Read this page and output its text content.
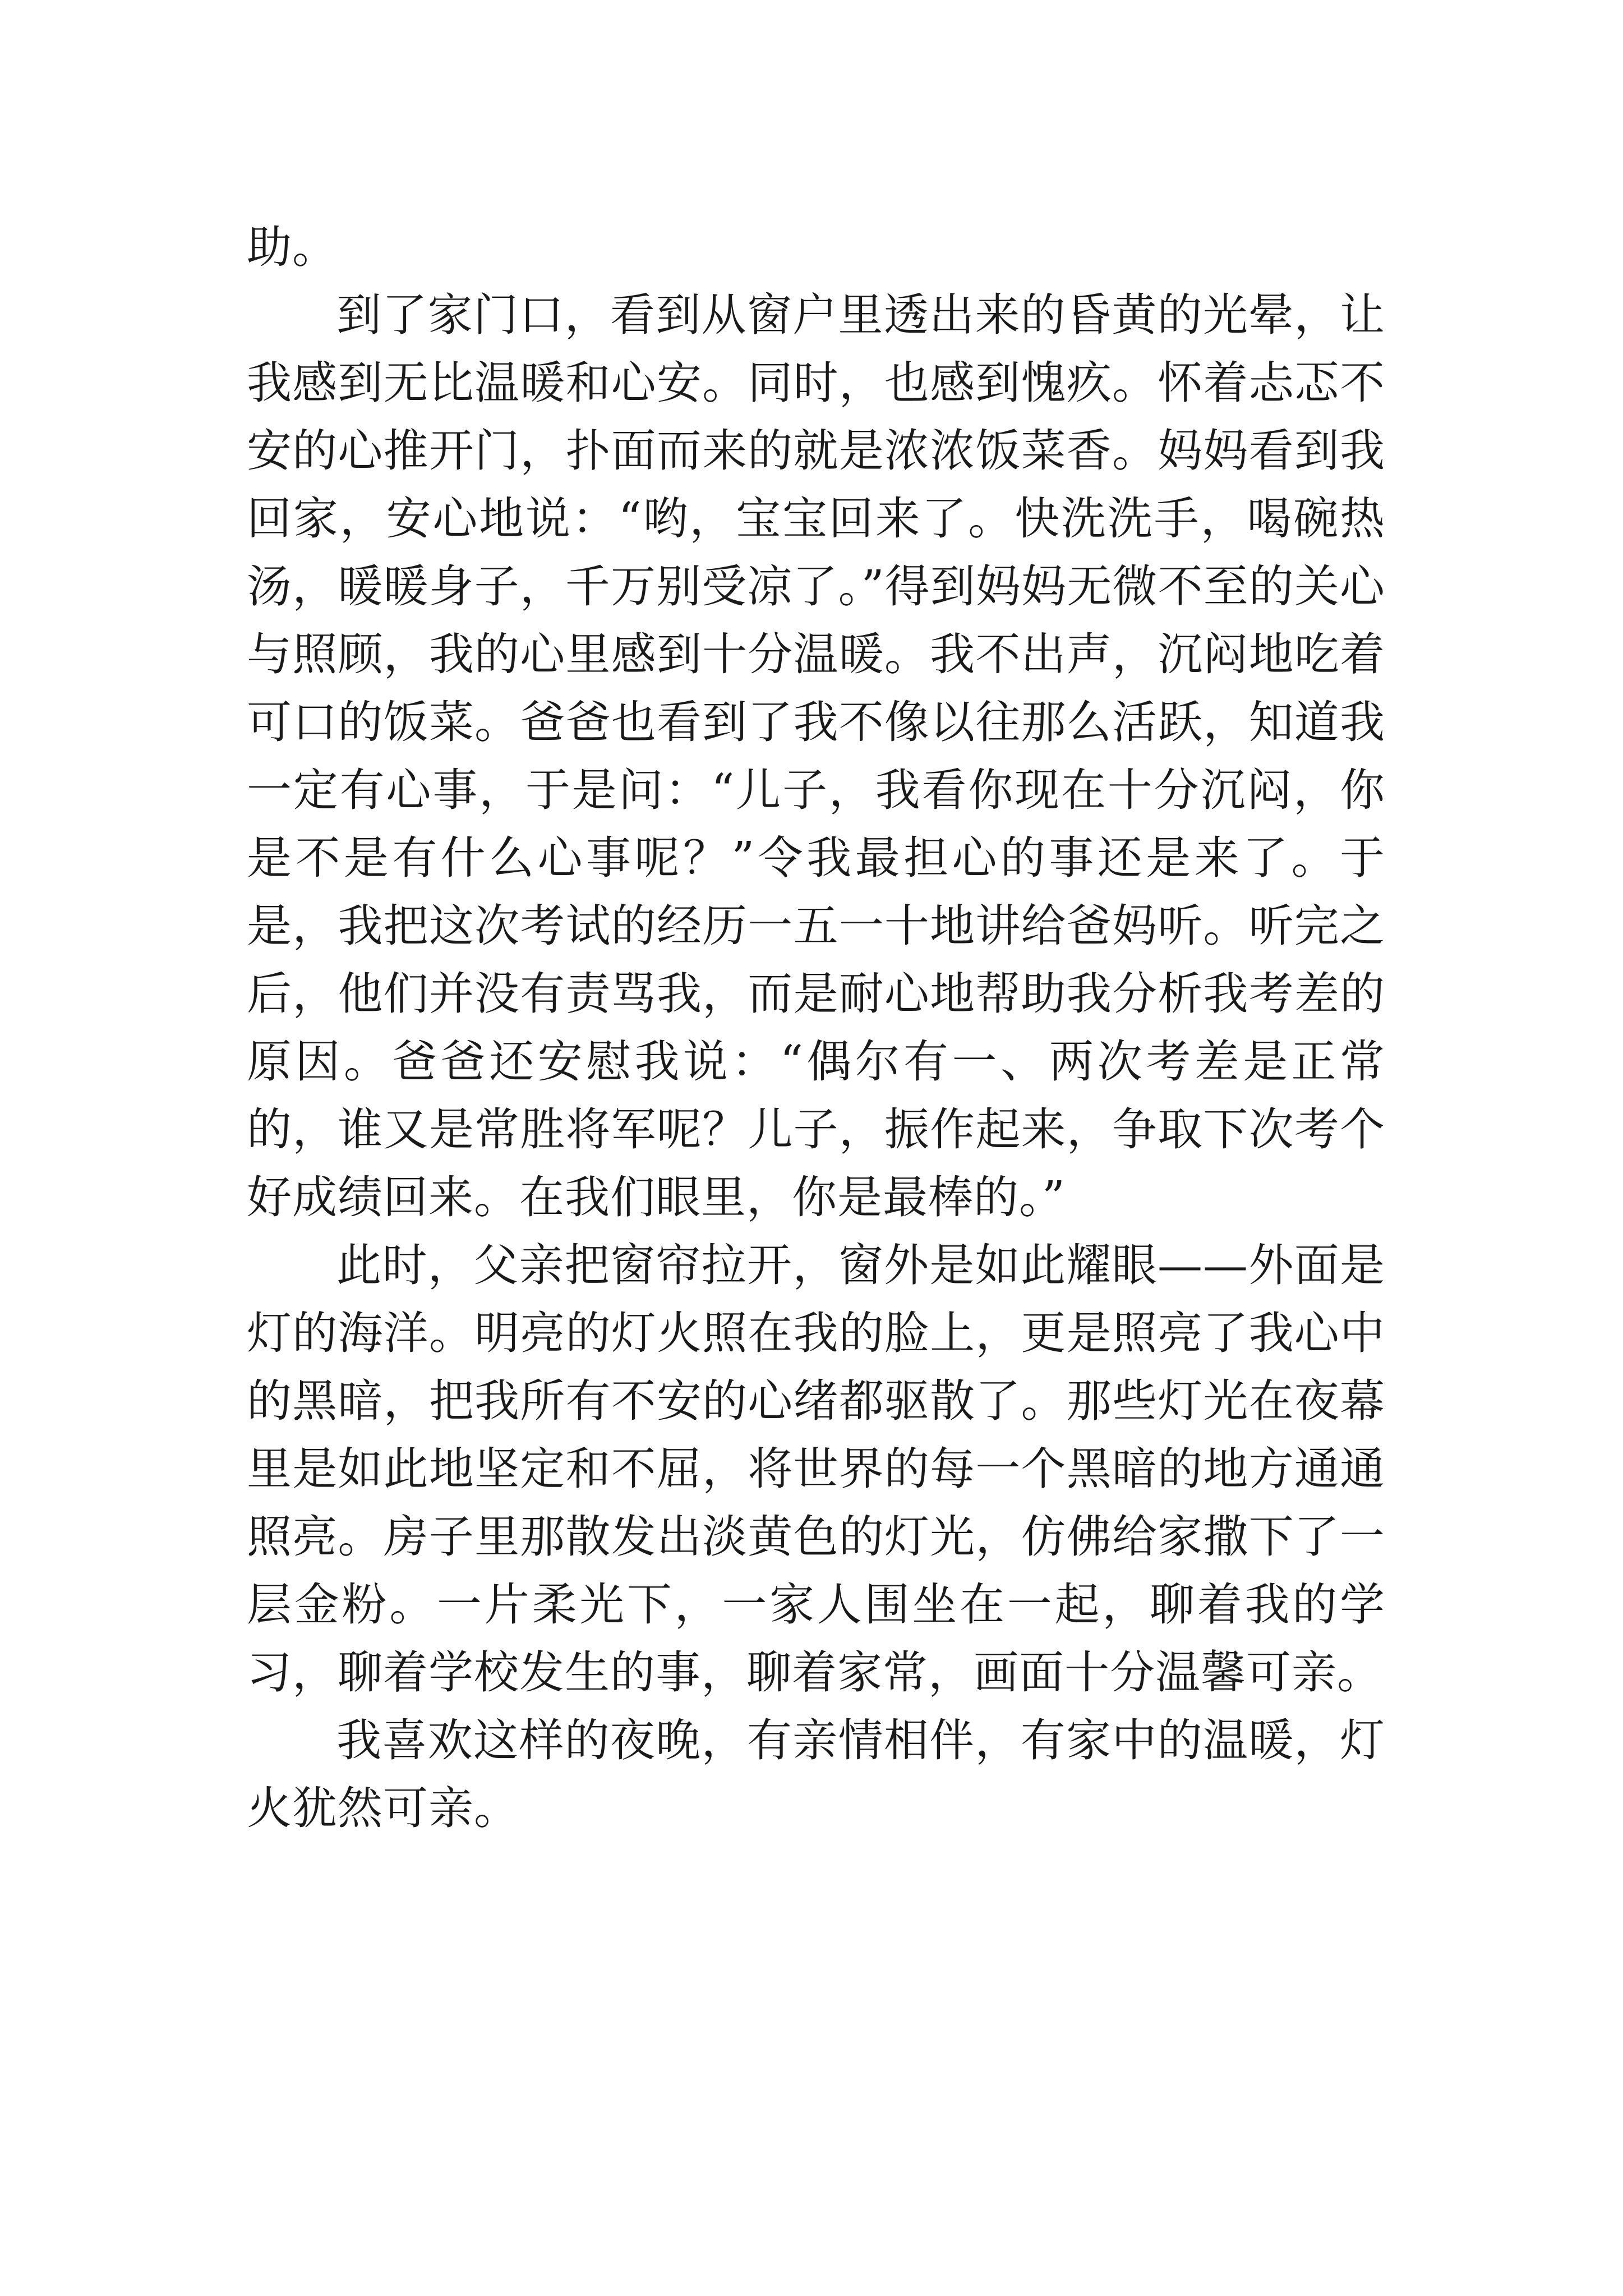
助。

到了家门口，看到从窗户里透出来的昏黄的光晕，让我感到无比温暖和心安。同时，也感到愧疚。怀着忐忑不安的心推开门，扑面而来的就是浓浓饭菜香。妈妈看到我回家，安心地说：“哟，宝宝回来了。快洗洗手，喝碗热汤，暖暖身子，千万别受凉了。”得到妈妈无微不至的关心与照顾，我的心里感到十分温暖。我不出声，沉闷地吃着可口的饭菜。爸爸也看到了我不像以往那么活跃，知道我一定有心事，于是问：“儿子，我看你现在十分沉闷，你是不是有什么心事呢？”令我最担心的事还是来了。于是，我把这次考试的经历一五一十地讲给爸妈听。听完之后，他们并没有责骂我，而是耐心地帮助我分析我考差的原因。爸爸还安慰我说：“偶尔有一、两次考差是正常的，谁又是常胜将军呢？儿子，振作起来，争取下次考个好成绩回来。在我们眼里，你是最棒的。”

此时，父亲把窗帘拉开，窗外是如此耀眼——外面是灯的海洋。明亮的灯火照在我的脸上，更是照亮了我心中的黑暗，把我所有不安的心绪都驱散了。那些灯光在夜幕里是如此地坚定和不屈，将世界的每一个黑暗的地方通通照亮。房子里那散发出淡黄色的灯光，仿佛给家撒下了一层金粉。一片柔光下，一家人围坐在一起，聊着我的学习，聊着学校发生的事，聊着家常，画面十分温馨可亲。

我喜欢这样的夜晚，有亲情相伴，有家中的温暖，灯火犹然可亲。
